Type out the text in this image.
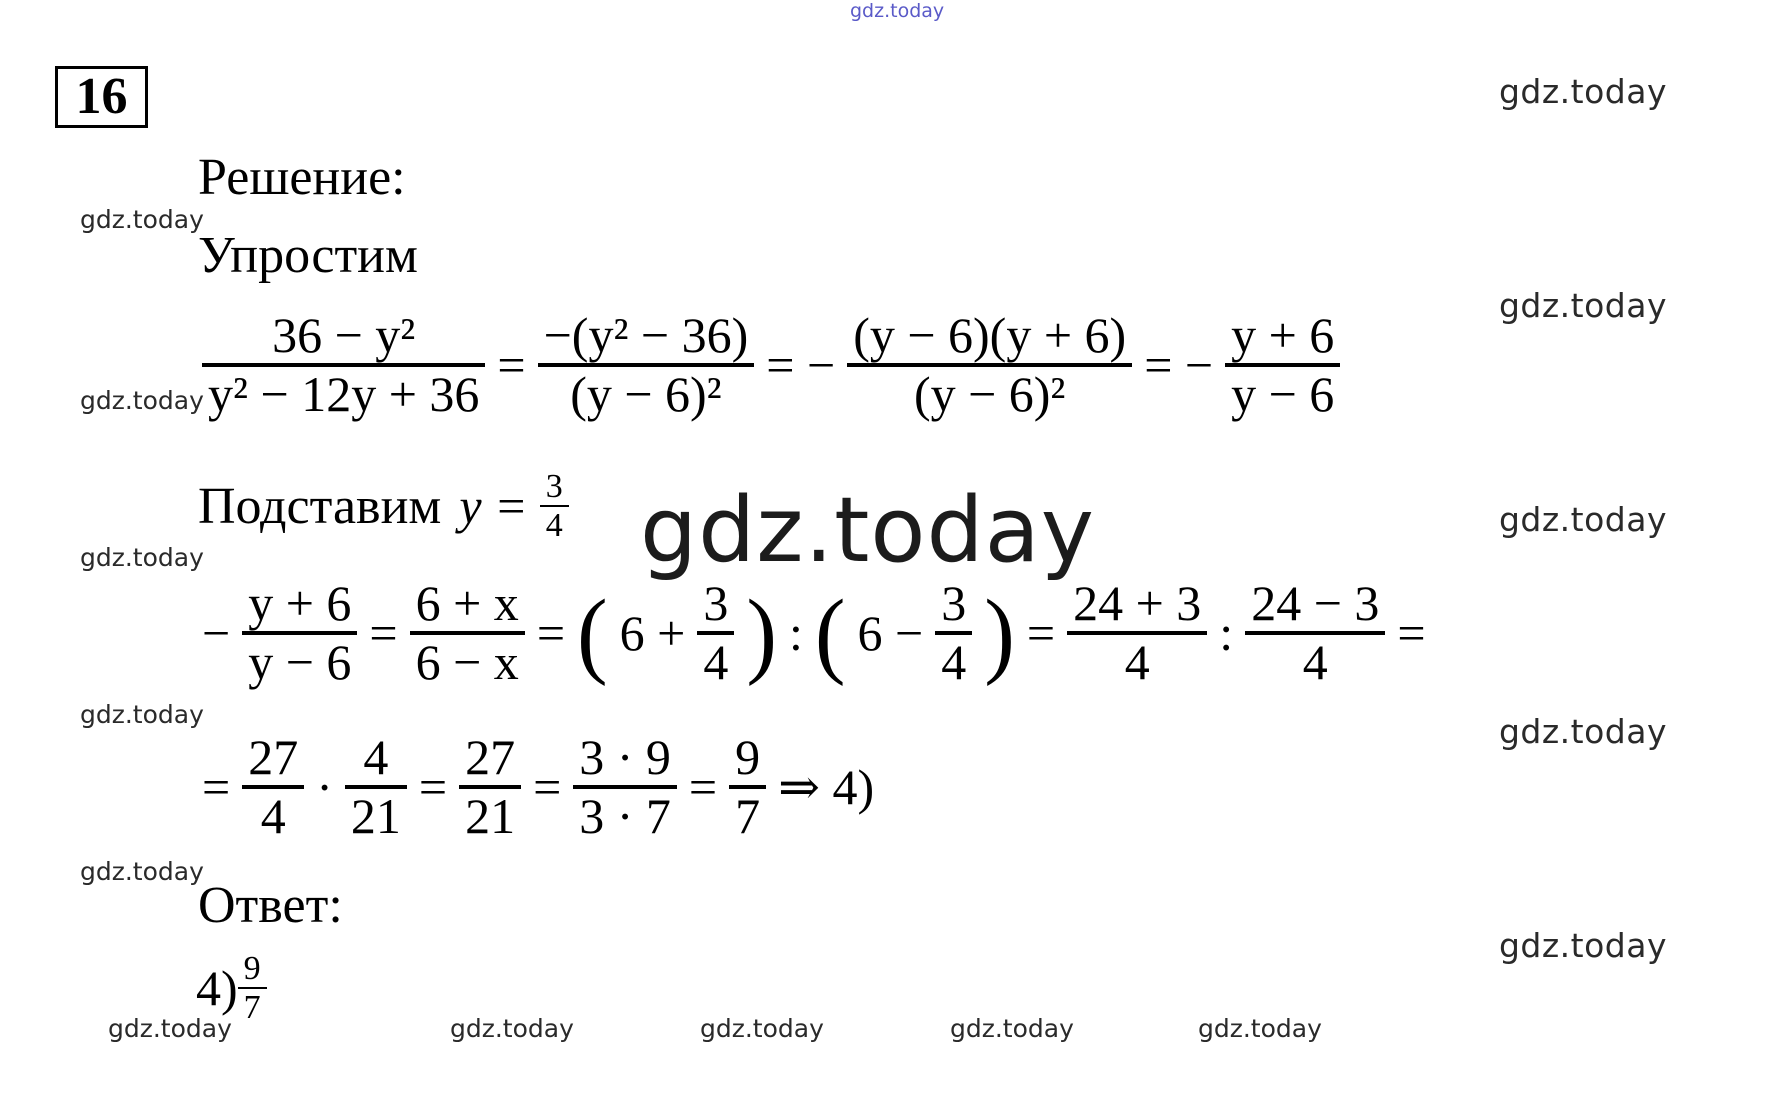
gdz.today
gdz.today
gdz.today
gdz.today
gdz.today
gdz.today
gdz.today
gdz.today
gdz.today
gdz.today
gdz.today
gdz.today	gdz.today	gdz.today	gdz.today	gdz.today
gdz.today
16
Решение:
Упростим
$\frac{\text{36 − y²}}{\text{y² − 12y + 36}} = \frac{\text{−(y² − 36)}}{\text{(y − 6)²}}$ = − $\frac{(y - 6)(y + 6)}{\text{(y − 6)²}}$ = − $\frac{y + 6}{y - 6}$
Подставим $y = \frac{3}{4}$
− $\frac{y + 6}{y - 6} = \frac{6 + x}{6 - x}$ = ( $6 + \frac{3}{4}$ ) : ( $6 - \frac{3}{4}$ ) = $\frac{24 + 3}{4}$ : $\frac{24 - 3}{4}$ =
= $\frac{27}{4} \cdot \frac{4}{21} = \frac{27}{21} = \frac{3 \cdot 9}{3 \cdot 7} = \frac{9}{7}$ ⇒ 4)
Ответ:
$4) \frac{9}{7}$
